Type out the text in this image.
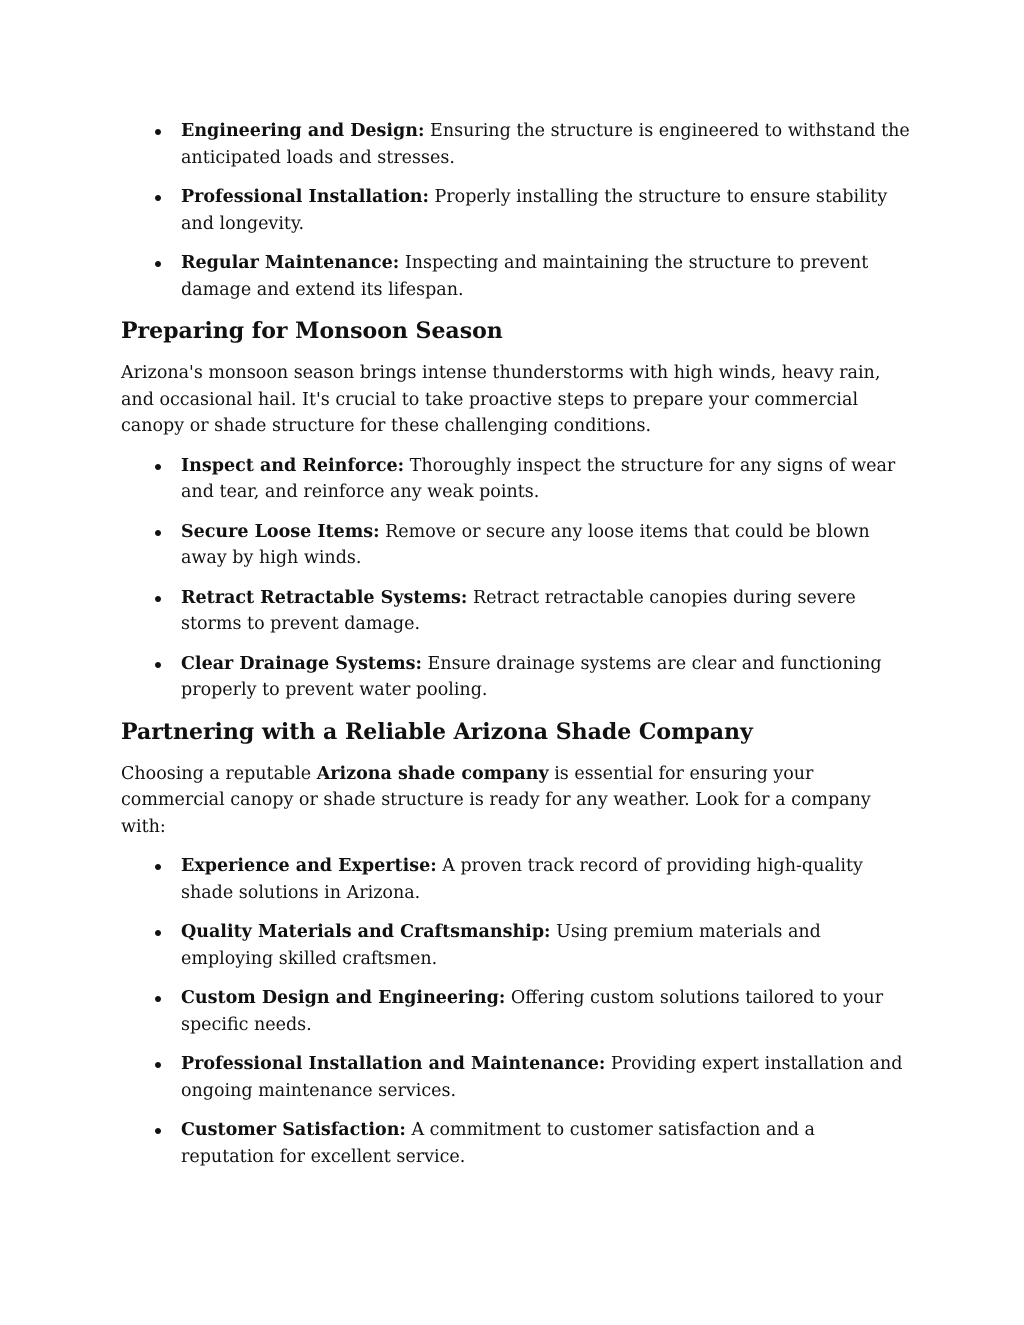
Engineering and Design: Ensuring the structure is engineered to withstand the anticipated loads and stresses.
Professional Installation: Properly installing the structure to ensure stability and longevity.
Regular Maintenance: Inspecting and maintaining the structure to prevent damage and extend its lifespan.
Preparing for Monsoon Season

Arizona's monsoon season brings intense thunderstorms with high winds, heavy rain, and occasional hail. It's crucial to take proactive steps to prepare your commercial canopy or shade structure for these challenging conditions.

Inspect and Reinforce: Thoroughly inspect the structure for any signs of wear and tear, and reinforce any weak points.
Secure Loose Items: Remove or secure any loose items that could be blown away by high winds.
Retract Retractable Systems: Retract retractable canopies during severe storms to prevent damage.
Clear Drainage Systems: Ensure drainage systems are clear and functioning properly to prevent water pooling.
Partnering with a Reliable Arizona Shade Company

Choosing a reputable Arizona shade company is essential for ensuring your commercial canopy or shade structure is ready for any weather. Look for a company with:

Experience and Expertise: A proven track record of providing high-quality shade solutions in Arizona.
Quality Materials and Craftsmanship: Using premium materials and employing skilled craftsmen.
Custom Design and Engineering: Offering custom solutions tailored to your specific needs.
Professional Installation and Maintenance: Providing expert installation and ongoing maintenance services.
Customer Satisfaction: A commitment to customer satisfaction and a reputation for excellent service.
